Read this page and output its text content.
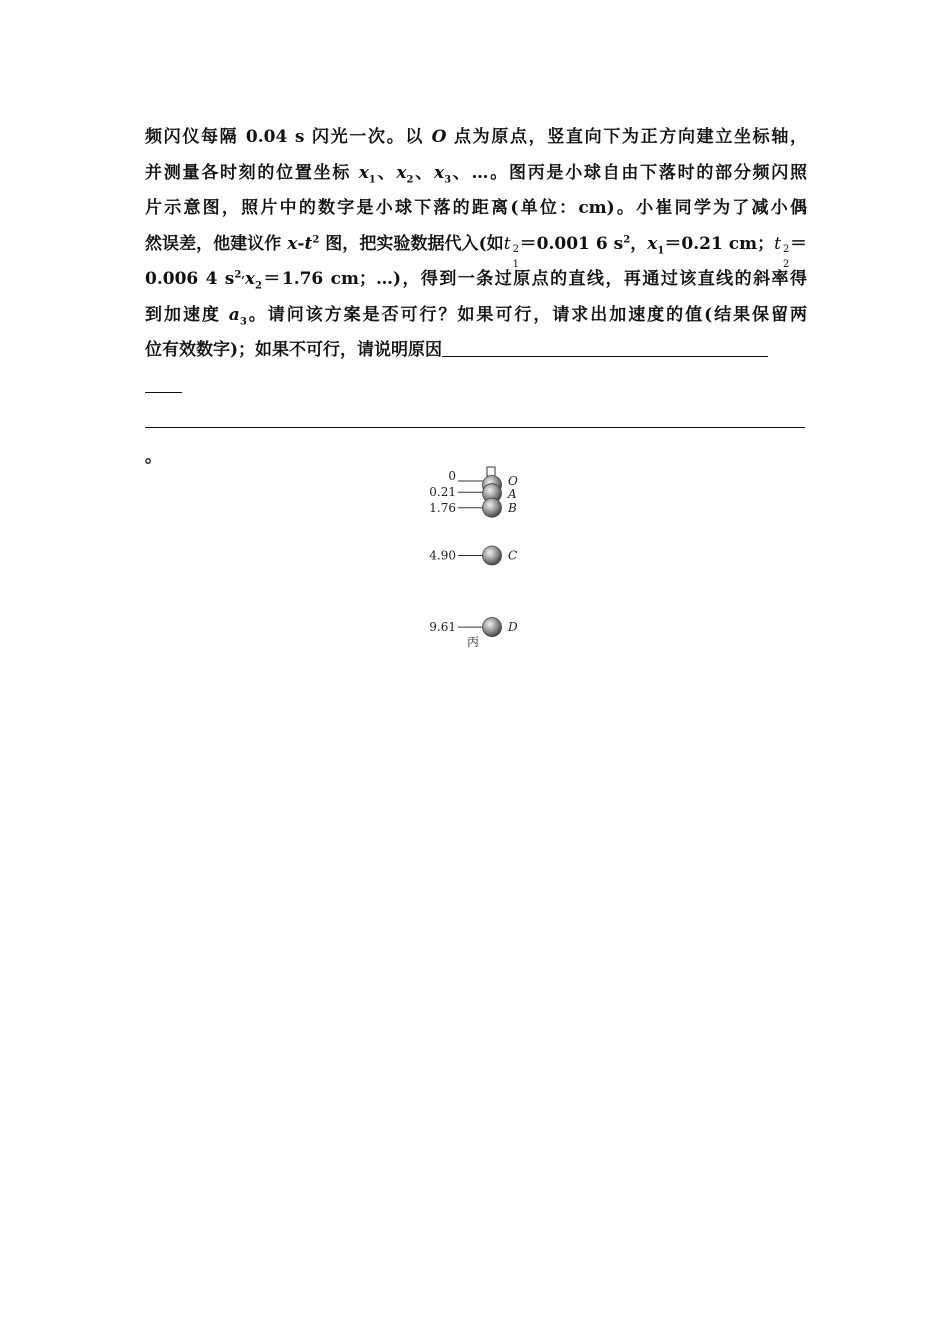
频闪仪每隔 0.04 s 闪光一次。以 O 点为原点，竖直向下为正方向建立坐标轴，
并测量各时刻的位置坐标 $x_1$、$x_2$、$x_3$、…。图丙是小球自由下落时的部分频闪照
片示意图，照片中的数字是小球下落的距离(单位：cm)。小崔同学为了减小偶
然误差，他建议作 $x-t^2$ 图，把实验数据代入(如t 2
1
＝0.001 6 $s^2$，$x_1=0.21$ cm；t 2
2
＝
0.006 4 $s^{2,}x_2=1.76$ cm；…)，得到一条过原点的直线，再通过该直线的斜率得
到加速度 $a_3$。请问该方案是否可行？如果可行，请求出加速度的值(结果保留两
位有效数字)；如果不可行，请说明原因
。
0	O
0.21	A
1.76	B
4.90	C
9.61	D
丙
